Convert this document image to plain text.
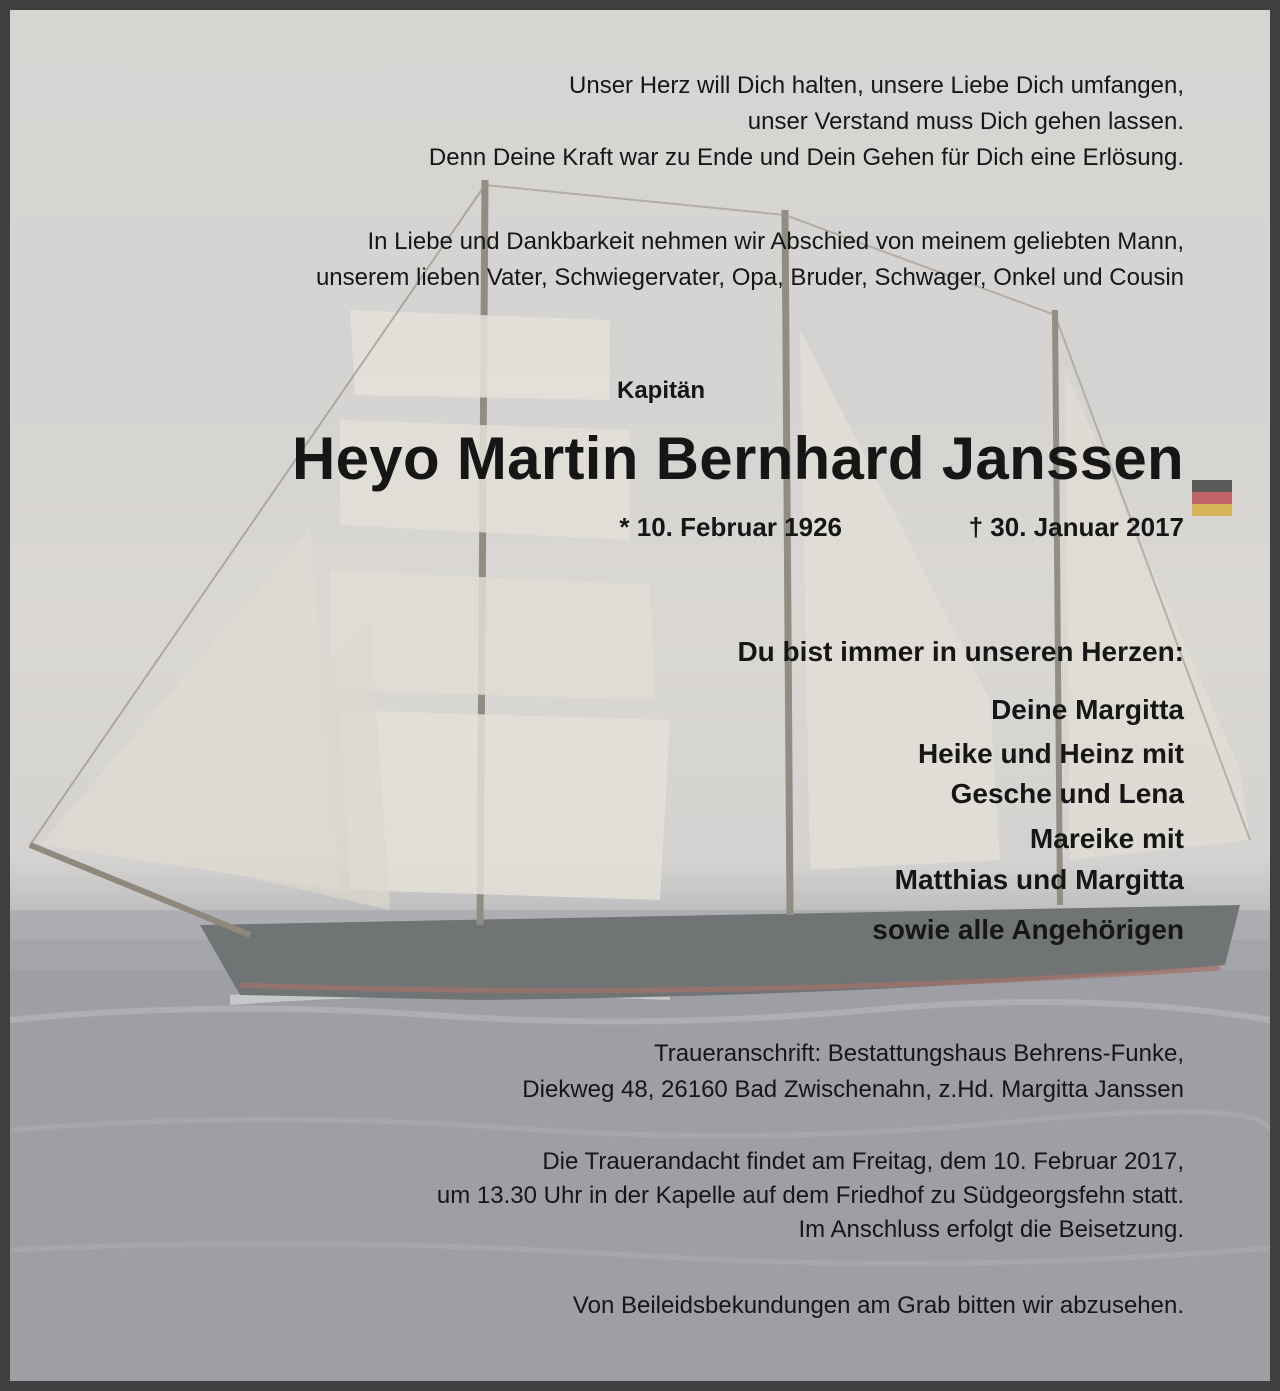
Unser Herz will Dich halten, unsere Liebe Dich umfangen,
unser Verstand muss Dich gehen lassen.
Denn Deine Kraft war zu Ende und Dein Gehen für Dich eine Erlösung.
In Liebe und Dankbarkeit nehmen wir Abschied von meinem geliebten Mann,
unserem lieben Vater, Schwiegervater, Opa, Bruder, Schwager, Onkel und Cousin
Kapitän
Heyo Martin Bernhard Janssen
* 10. Februar 1926	† 30. Januar 2017
Du bist immer in unseren Herzen:
Deine Margitta
Heike und Heinz mit
Gesche und Lena
Mareike mit
Matthias und Margitta
sowie alle Angehörigen
Traueranschrift: Bestattungshaus Behrens-Funke,
Diekweg 48, 26160 Bad Zwischenahn, z.Hd. Margitta Janssen
Die Trauerandacht findet am Freitag, dem 10. Februar 2017,
um 13.30 Uhr in der Kapelle auf dem Friedhof zu Südgeorgsfehn statt.
Im Anschluss erfolgt die Beisetzung.
Von Beileidsbekundungen am Grab bitten wir abzusehen.
